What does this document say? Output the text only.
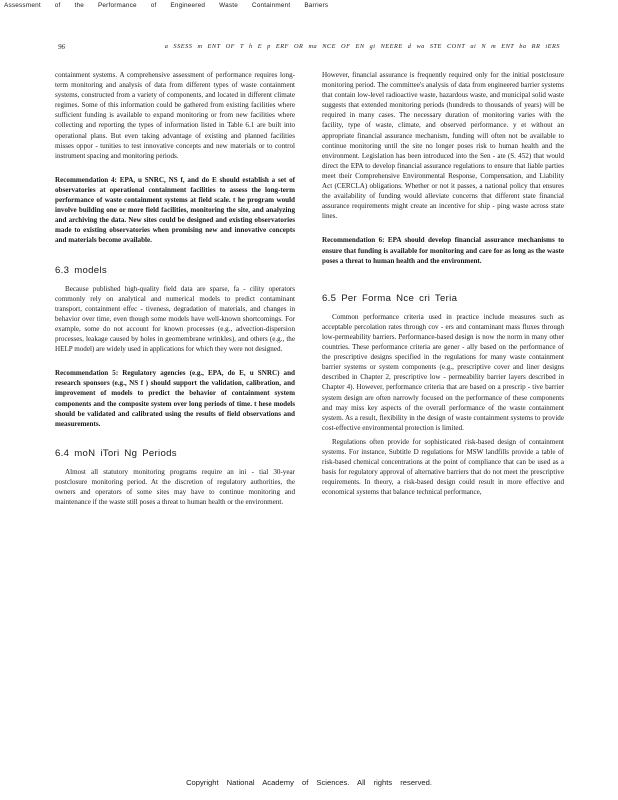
Assessment of the Performance of Engineered Waste Containment Barriers
96	a SSESS m ENT OF T h E p ERF OR ma NCE OF EN gi NEERE d wa STE CONT ai N m ENT ba RR iERS

containment systems. A comprehensive assessment of performance requires long-term monitoring and analysis of data from different types of waste containment systems, constructed from a variety of components, and located in different climate regimes. Some of this information could be gathered from existing facilities where sufficient funding is available to expand monitoring or from new facilities where collecting and reporting the types of information listed in Table 6.1 are built into operational plans. But even taking advantage of existing and planned facilities misses oppor - tunities to test innovative concepts and new materials or to control instrument spacing and monitoring periods.

Recommendation 4: EPA, u SNRC, NS f, and do E should establish a set of observatories at operational containment facilities to assess the long-term performance of waste containment systems at field scale. t he program would involve building one or more field facilities, monitoring the site, and analyzing and archiving the data. New sites could be designed and existing observatories made to existing observatories when promising new and innovative concepts and materials become available.

6.3 models

Because published high-quality field data are sparse, fa - cility operators commonly rely on analytical and numerical models to predict contaminant transport, containment effec - tiveness, degradation of materials, and changes in behavior over time, even though some models have well-known shortcomings. For example, some do not account for known processes (e.g., advection-dispersion processes, leakage caused by holes in geomembrane wrinkles), and others (e.g., the HELP model) are widely used in applications for which they were not designed.

Recommendation 5: Regulatory agencies (e.g., EPA, do E, u SNRC) and research sponsors (e.g., NS f ) should support the validation, calibration, and improvement of models to predict the behavior of containment system components and the composite system over long periods of time. t hese models should be validated and calibrated using the results of field observations and measurements.

6.4 moN iTori Ng Periods

Almost all statutory monitoring programs require an ini - tial 30-year postclosure monitoring period. At the discretion of regulatory authorities, the owners and operators of some sites may have to continue monitoring and maintenance if the waste still poses a threat to human health or the environment.

However, financial assurance is frequently required only for the initial postclosure monitoring period. The committee's analysis of data from engineered barrier systems that contain low-level radioactive waste, hazardous waste, and municipal solid waste suggests that extended monitoring periods (hundreds to thousands of years) will be required in many cases. The necessary duration of monitoring varies with the facility, type of waste, climate, and observed performance. y et without an appropriate financial assurance mechanism, funding will often not be available to continue monitoring until the site no longer poses risk to human health and the environment. Legislation has been introduced into the Sen - ate (S. 452) that would direct the EPA to develop financial assurance regulations to ensure that liable parties meet their Comprehensive Environmental Response, Compensation, and Liability Act (CERCLA) obligations. Whether or not it passes, a national policy that ensures the availability of funding would alleviate concerns that different state financial assurance requirements might create an incentive for ship - ping waste across state lines.

Recommendation 6: EPA should develop financial assurance mechanisms to ensure that funding is available for monitoring and care for as long as the waste poses a threat to human health and the environment.

6.5 Per Forma Nce cri Teria

Common performance criteria used in practice include measures such as acceptable percolation rates through cov - ers and contaminant mass fluxes through low-permeability barriers. Performance-based design is now the norm in many other countries. These performance criteria are gener - ally based on the performance of the prescriptive designs specified in the regulations for many waste containment barrier systems or system components (e.g., prescriptive cover and liner designs described in Chapter 2, prescriptive low - permeability barrier layers described in Chapter 4). However, performance criteria that are based on a prescrip - tive barrier system design are often narrowly focused on the performance of these components and may miss key aspects of the overall performance of the waste containment system. As a result, flexibility in the design of waste containment systems to provide cost-effective environmental protection is limited.

Regulations often provide for sophisticated risk-based design of containment systems. For instance, Subtitle D regulations for MSW landfills provide a table of risk-based chemical concentrations at the point of compliance that can be used as a basis for regulatory approval of alternative barriers that do not meet the prescriptive requirements. In theory, a risk-based design could result in more effective and economical systems that balance technical performance,

Copyright National Academy of Sciences. All rights reserved.
